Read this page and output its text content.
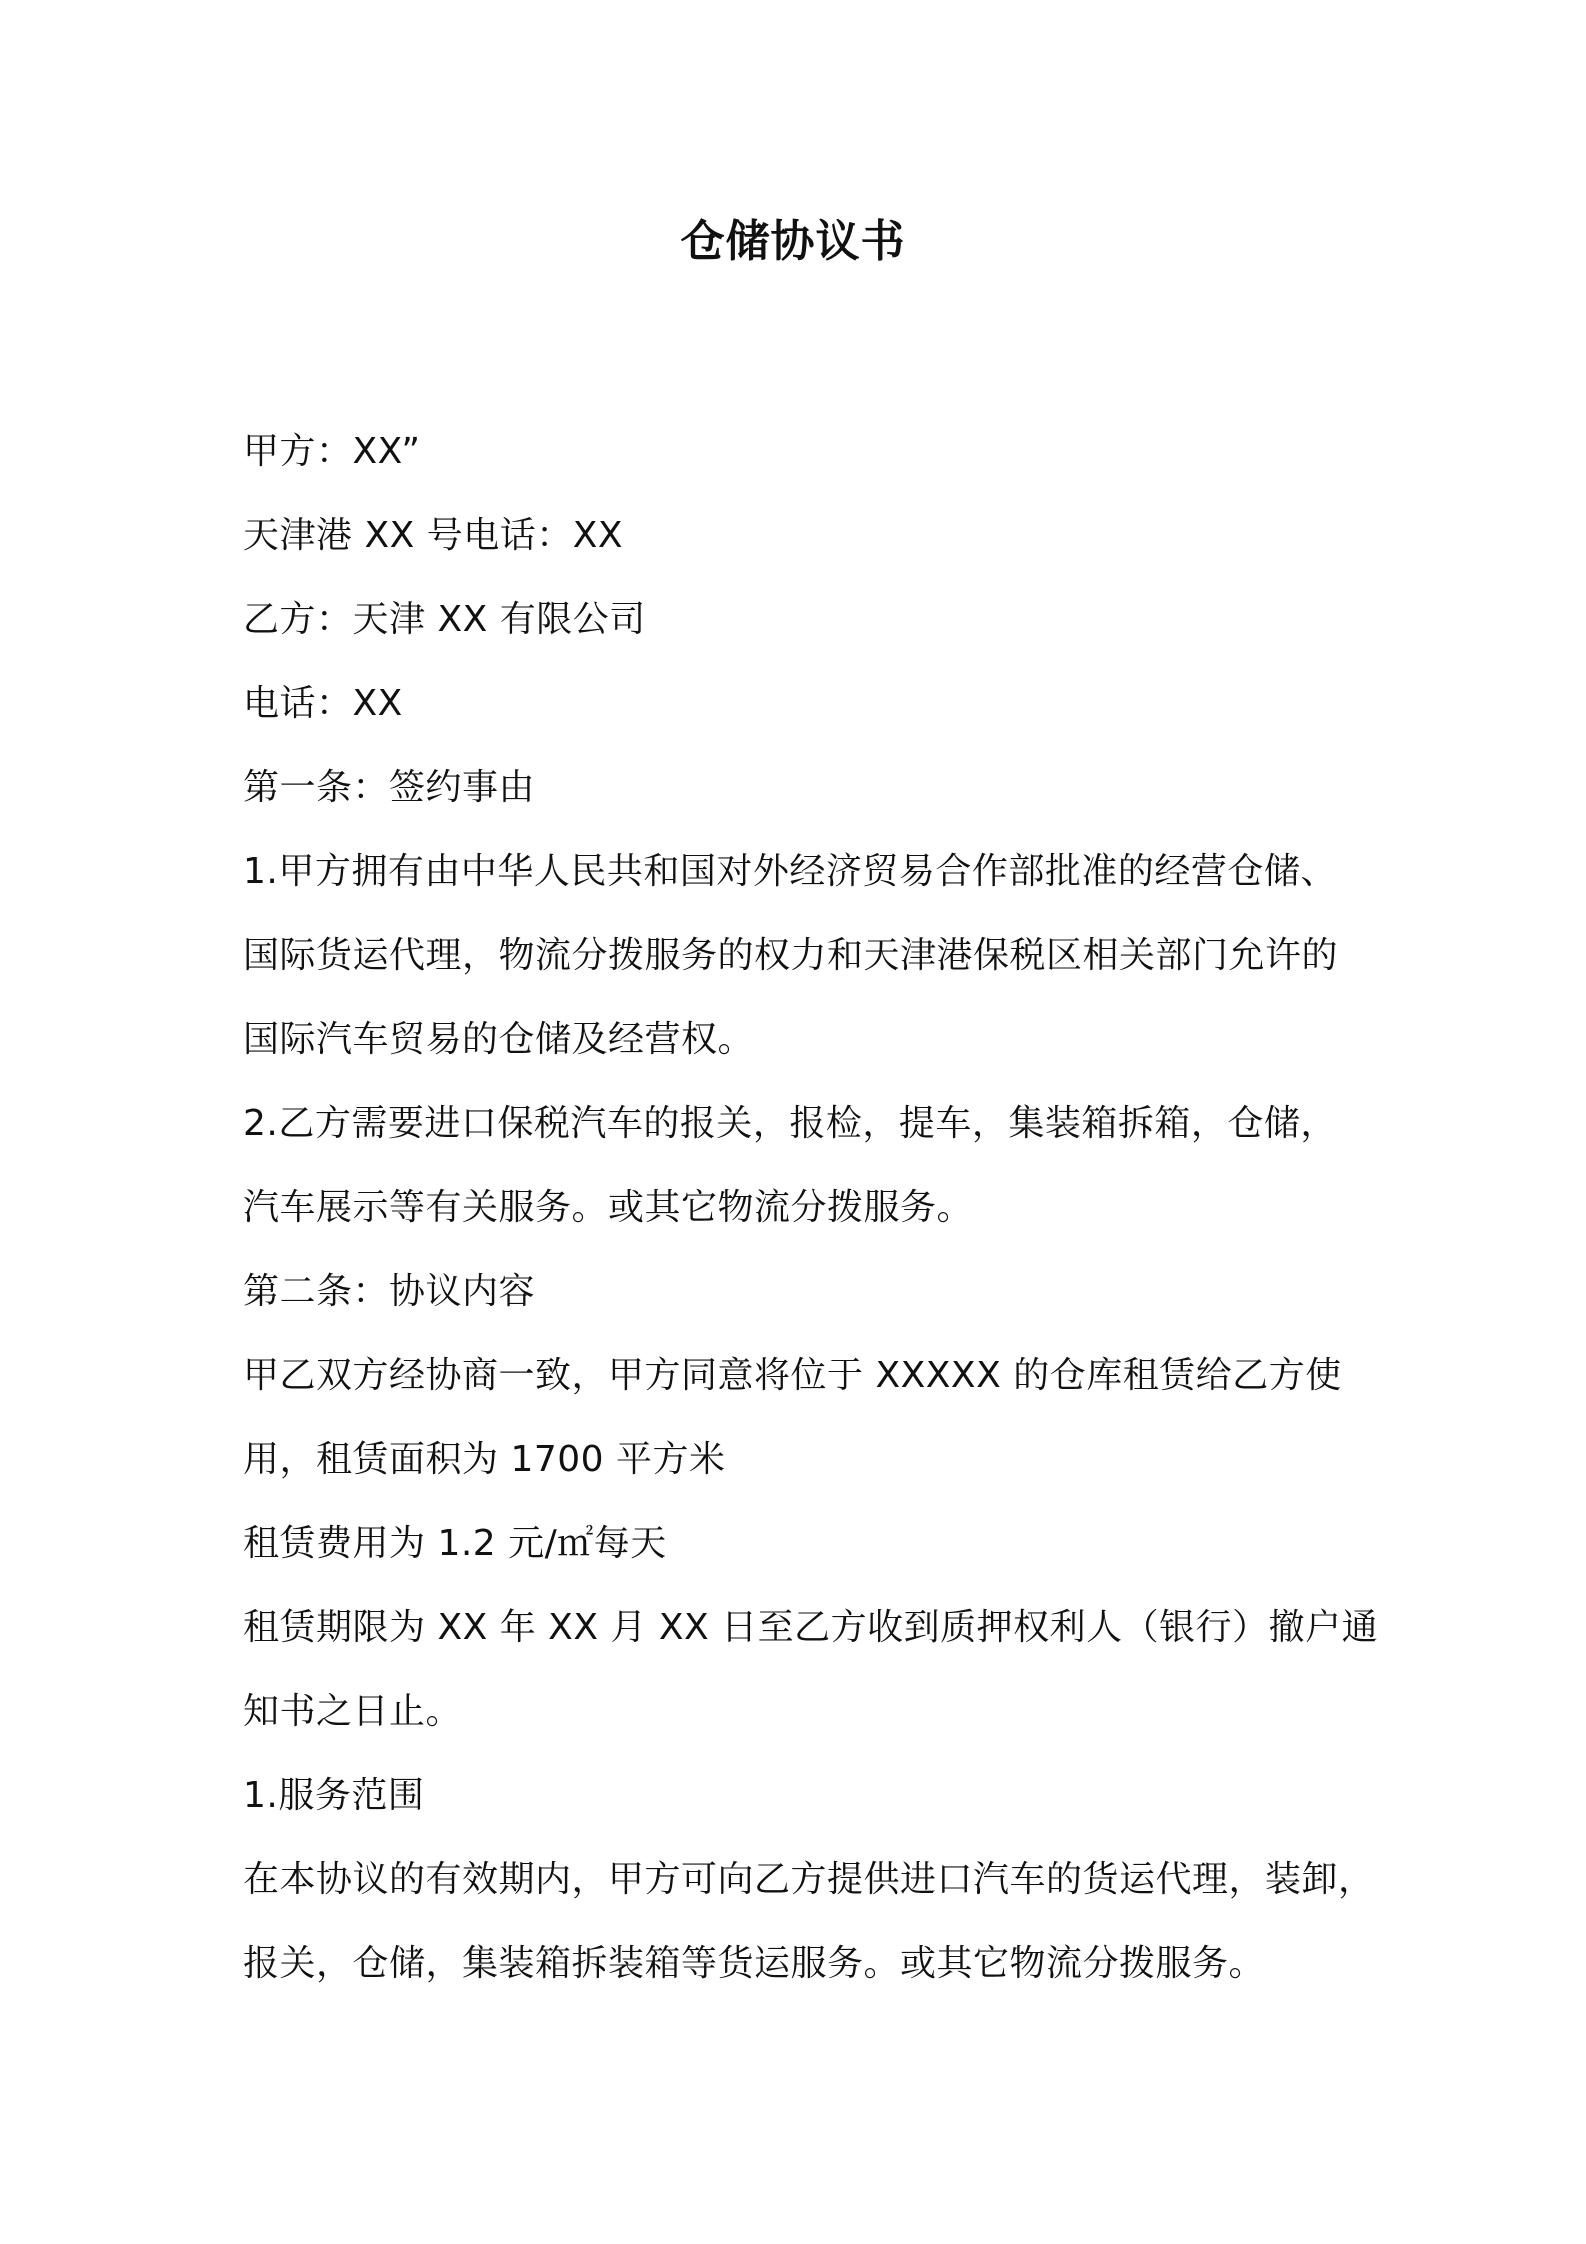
仓储协议书
甲方：XX”
天津港 XX 号电话：XX
乙方：天津 XX 有限公司
电话：XX
第一条：签约事由
1.甲方拥有由中华人民共和国对外经济贸易合作部批准的经营仓储、
国际货运代理，物流分拨服务的权力和天津港保税区相关部门允许的
国际汽车贸易的仓储及经营权。
2.乙方需要进口保税汽车的报关，报检，提车，集装箱拆箱，仓储，
汽车展示等有关服务。或其它物流分拨服务。
第二条：协议内容
甲乙双方经协商一致，甲方同意将位于 XXXXX 的仓库租赁给乙方使
用，租赁面积为 1700 平方米
租赁费用为 1.2 元/㎡每天
租赁期限为 XX 年 XX 月 XX 日至乙方收到质押权利人（银行）撤户通
知书之日止。
1.服务范围
在本协议的有效期内，甲方可向乙方提供进口汽车的货运代理，装卸，
报关，仓储，集装箱拆装箱等货运服务。或其它物流分拨服务。
